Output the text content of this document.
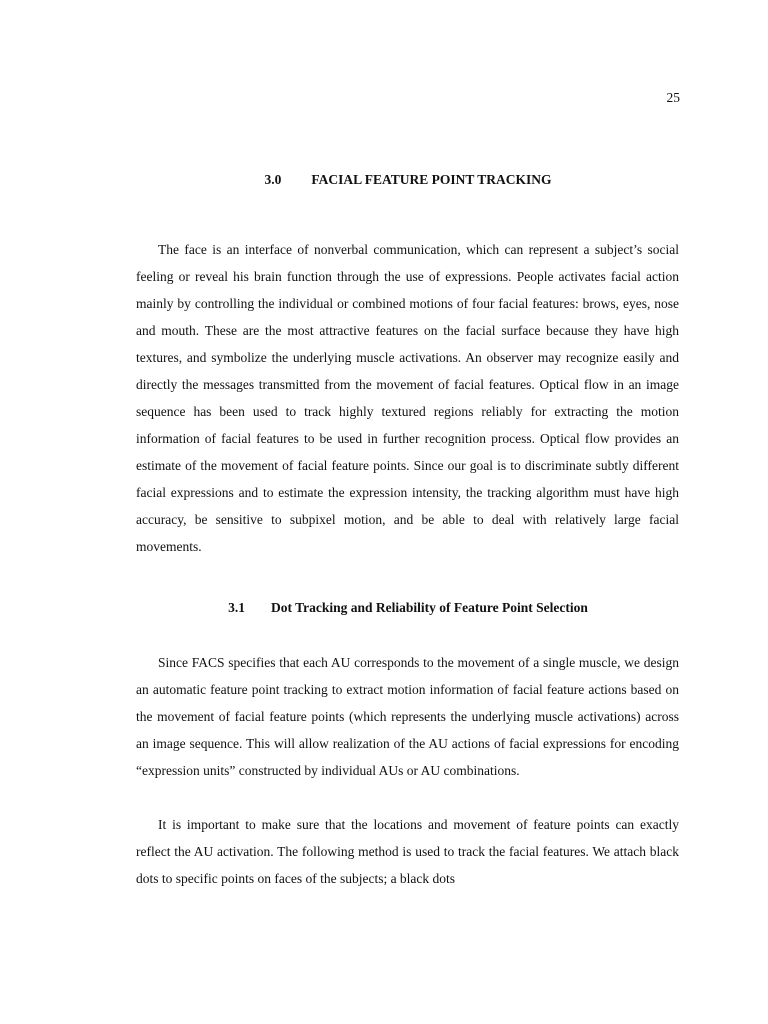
25
3.0 FACIAL FEATURE POINT TRACKING

The face is an interface of nonverbal communication, which can represent a subject’s social feeling or reveal his brain function through the use of expressions. People activates facial action mainly by controlling the individual or combined motions of four facial features: brows, eyes, nose and mouth. These are the most attractive features on the facial surface because they have high textures, and symbolize the underlying muscle activations. An observer may recognize easily and directly the messages transmitted from the movement of facial features. Optical flow in an image sequence has been used to track highly textured regions reliably for extracting the motion information of facial features to be used in further recognition process. Optical flow provides an estimate of the movement of facial feature points. Since our goal is to discriminate subtly different facial expressions and to estimate the expression intensity, the tracking algorithm must have high accuracy, be sensitive to subpixel motion, and be able to deal with relatively large facial movements.

3.1 Dot Tracking and Reliability of Feature Point Selection

Since FACS specifies that each AU corresponds to the movement of a single muscle, we design an automatic feature point tracking to extract motion information of facial feature actions based on the movement of facial feature points (which represents the underlying muscle activations) across an image sequence. This will allow realization of the AU actions of facial expressions for encoding “expression units” constructed by individual AUs or AU combinations.

It is important to make sure that the locations and movement of feature points can exactly reflect the AU activation. The following method is used to track the facial features. We attach black dots to specific points on faces of the subjects; a black dots
